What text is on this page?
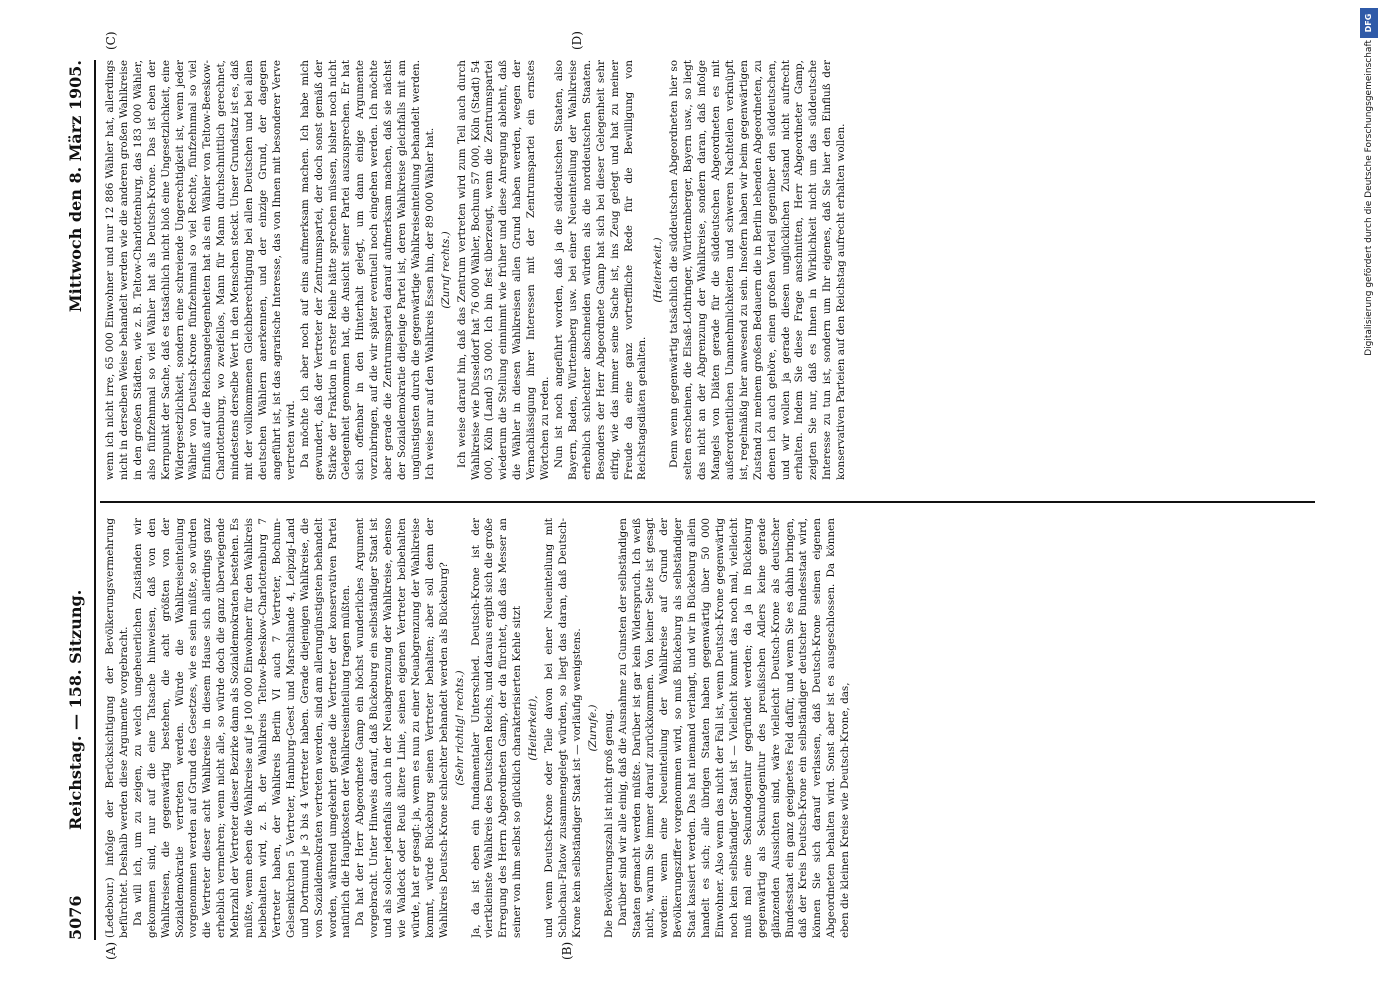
5076
Reichstag. — 158. Sitzung.
Mittwoch den 8. März 1905.
(A)	(B)
(C)	(D)

(Ledebour.) infolge der Berücksichtigung der Bevölkerungsvermehrung befürchtet. Deshalb werden diese Argumente vorgebracht. Da will ich, um zu zeigen, zu welch ungeheuerlichen Zuständen wir gekommen sind, nur auf die eine Tatsache hinweisen, daß von den Wahlkreisen, die gegenwärtig bestehen, die acht größten von der Sozialdemokratie vertreten werden. Würde die Wahlkreiseinteilung vorgenommen werden auf Grund des Gesetzes, wie es sein müßte, so würden die Vertreter dieser acht Wahlkreise in diesem Hause sich allerdings ganz erheblich vermehren; wenn nicht alle, so würde doch die ganz überwiegende Mehrzahl der Vertreter dieser Bezirke dann als Sozialdemokraten bestehen. Es müßte, wenn eben die Wahlkreise auf je 100 000 Einwohner für den Wahlkreis beibehalten wird, z. B. der Wahlkreis Teltow-Beeskow-Charlottenburg 7 Vertreter haben, der Wahlkreis Berlin VI auch 7 Vertreter, Bochum-Gelsenkirchen 5 Vertreter, Hamburg-Geest und Marschlande 4, Leipzig-Land und Dortmund je 3 bis 4 Vertreter haben. Gerade diejenigen Wahlkreise, die von Sozialdemokraten vertreten werden, sind am allerungünstigsten behandelt worden, während umgekehrt gerade die Vertreter der konservativen Partei natürlich die Hauptkosten der Wahlkreiseinteilung tragen müßten. Da hat der Herr Abgeordnete Gamp ein höchst wunderliches Argument vorgebracht. Unter Hinweis darauf, daß Bückeburg ein selbständiger Staat ist und als solcher jedenfalls auch in der Neuabgrenzung der Wahlkreise, ebenso wie Waldeck oder Reuß ältere Linie, seinen eigenen Vertreter beibehalten würde, hat er gesagt: ja, wenn es nun zu einer Neuabgrenzung der Wahlkreise kommt, würde Bückeburg seinen Vertreter behalten; aber soll denn der Wahlkreis Deutsch-Krone schlechter behandelt werden als Bückeburg? (Sehr richtig! rechts.) Ja, da ist eben ein fundamentaler Unterschied. Deutsch-Krone ist der viertkleinste Wahlkreis des Deutschen Reichs, und daraus ergibt sich die große Erregung des Herrn Abgeordneten Gamp, der da fürchtet, daß das Messer an seiner von ihm selbst so glücklich charakterisierten Kehle sitzt (Heiterkeit), und wenn Deutsch-Krone oder Teile davon bei einer Neueinteilung mit Schlochau-Flatow zusammengelegt würden, so liegt das daran, daß Deutsch-Krone kein selbständiger Staat ist — vorläufig wenigstens. (Zurufe.) Die Bevölkerungszahl ist nicht groß genug. Darüber sind wir alle einig, daß die Ausnahme zu Gunsten der selbständigen Staaten gemacht werden müßte. Darüber ist gar kein Widerspruch. Ich weiß nicht, warum Sie immer darauf zurückkommen. Von keiner Seite ist gesagt worden: wenn eine Neueinteilung der Wahlkreise auf Grund der Bevölkerungsziffer vorgenommen wird, so muß Bückeburg als selbständiger Staat kassiert werden. Das hat niemand verlangt, und wir in Bückeburg allein handelt es sich; alle übrigen Staaten haben gegenwärtig über 50 000 Einwohner. Also wenn das nicht der Fall ist, wenn Deutsch-Krone gegenwärtig noch kein selbständiger Staat ist — Vielleicht kommt das noch mal, vielleicht muß mal eine Sekundogenitur gegründet werden; da ja in Bückeburg gegenwärtig als Sekundogenitur des preußischen Adlers keine gerade glänzenden Aussichten sind, wäre vielleicht Deutsch-Krone als deutscher Bundesstaat ein ganz geeignetes Feld dafür, und wenn Sie es dahin bringen, daß der Kreis Deutsch-Krone ein selbständiger deutscher Bundesstaat wird, können Sie sich darauf verlassen, daß Deutsch-Krone seinen eigenen Abgeordneten behalten wird. Sonst aber ist es ausgeschlossen. Da können eben die kleinen Kreise wie Deutsch-Krone, das,

wenn ich nicht irre, 65 000 Einwohner und nur 12 886 Wähler hat, allerdings nicht in derselben Weise behandelt werden wie die anderen großen Wahlkreise in den großen Städten, wie z. B. Teltow-Charlottenburg, das 183 000 Wähler, also fünfzehnmal so viel Wähler hat als Deutsch-Krone. Das ist eben der Kernpunkt der Sache, daß es tatsächlich nicht bloß eine Ungesetzlichkeit, eine Widergesetzlichkeit, sondern eine schreiende Ungerechtigkeit ist, wenn jeder Wähler von Deutsch-Krone fünfzehnmal so viel Rechte, fünfzehnmal so viel Einfluß auf die Reichsangelegenheiten hat als ein Wähler von Teltow-Beeskow-Charlottenburg, wo zweifellos, Mann für Mann durchschnittlich gerechnet, mindestens derselbe Wert in den Menschen steckt. Unser Grundsatz ist es, daß mit der vollkommenen Gleichberechtigung bei allen Deutschen und bei allen deutschen Wählern anerkennen, und der einzige Grund, der dagegen angeführt ist, ist das agrarische Interesse, das von Ihnen mit besonderer Verve vertreten wird. Da möchte ich aber noch auf eins aufmerksam machen. Ich habe mich gewundert, daß der Vertreter der Zentrumspartei, der doch sonst gemäß der Stärke der Fraktion in erster Reihe hätte sprechen müssen, bisher noch nicht Gelegenheit genommen hat, die Ansicht seiner Partei auszusprechen. Er hat sich offenbar in den Hinterhalt gelegt, um dann einige Argumente vorzubringen, auf die wir später eventuell noch eingehen werden. Ich möchte aber gerade die Zentrumspartei darauf aufmerksam machen, daß sie nächst der Sozialdemokratie diejenige Partei ist, deren Wahlkreise gleichfalls mit am ungünstigsten durch die gegenwärtige Wahlkreiseinteilung behandelt werden. Ich weise nur auf den Wahlkreis Essen hin, der 89 000 Wähler hat. (Zuruf rechts.) Ich weise darauf hin, daß das Zentrum vertreten wird zum Teil auch durch Wahlkreise wie Düsseldorf hat 76 000 Wähler, Bochum 57 000, Köln (Stadt) 54 000, Köln (Land) 53 000. Ich bin fest überzeugt, wenn die Zentrumspartei wiederum die Stellung einnimmt wie früher und diese Anregung ablehnt, daß die Wähler in diesen Wahlkreisen allen Grund haben werden, wegen der Vernachlässigung ihrer Interessen mit der Zentrumspartei ein ernstes Wörtchen zu reden. Nun ist noch angeführt worden, daß ja die süddeutschen Staaten, also Bayern, Baden, Württemberg usw. bei einer Neueinteilung der Wahlkreise erheblich schlechter abschneiden würden als die norddeutschen Staaten. Besonders der Herr Abgeordnete Gamp hat sich bei dieser Gelegenheit sehr eifrig, wie das immer seine Sache ist, ins Zeug gelegt und hat zu meiner Freude da eine ganz vortreffliche Rede für die Bewilligung von Reichstagsdiäten gehalten.

(Heiterkeit.) Denn wenn gegenwärtig tatsächlich die süddeutschen Abgeordneten hier so selten erscheinen, die Elsaß-Lothringer, Württemberger, Bayern usw., so liegt das nicht an der Abgrenzung der Wahlkreise, sondern daran, daß infolge Mangels von Diäten gerade für die süddeutschen Abgeordneten es mit außerordentlichen Unannehmlichkeiten und schweren Nachteilen verknüpft ist, regelmäßig hier anwesend zu sein. Insofern haben wir beim gegenwärtigen Zustand zu meinem großen Bedauern die in Berlin lebenden Abgeordneten, zu denen ich auch gehöre, einen großen Vorteil gegenüber den süddeutschen, und wir wollen ja gerade diesen unglücklichen Zustand nicht aufrecht erhalten. Indem Sie diese Frage anschnitten, Herr Abgeordneter Gamp, zeigten Sie nur, daß es Ihnen in Wirklichkeit nicht um das süddeutsche Interesse zu tun ist, sondern um Ihr eigenes, daß Sie hier den Einfluß der konservativen Parteien auf den Reichstag aufrecht erhalten wollen.

DFG
Digitalisierung gefördert durch die Deutsche Forschungsgemeinschaft
